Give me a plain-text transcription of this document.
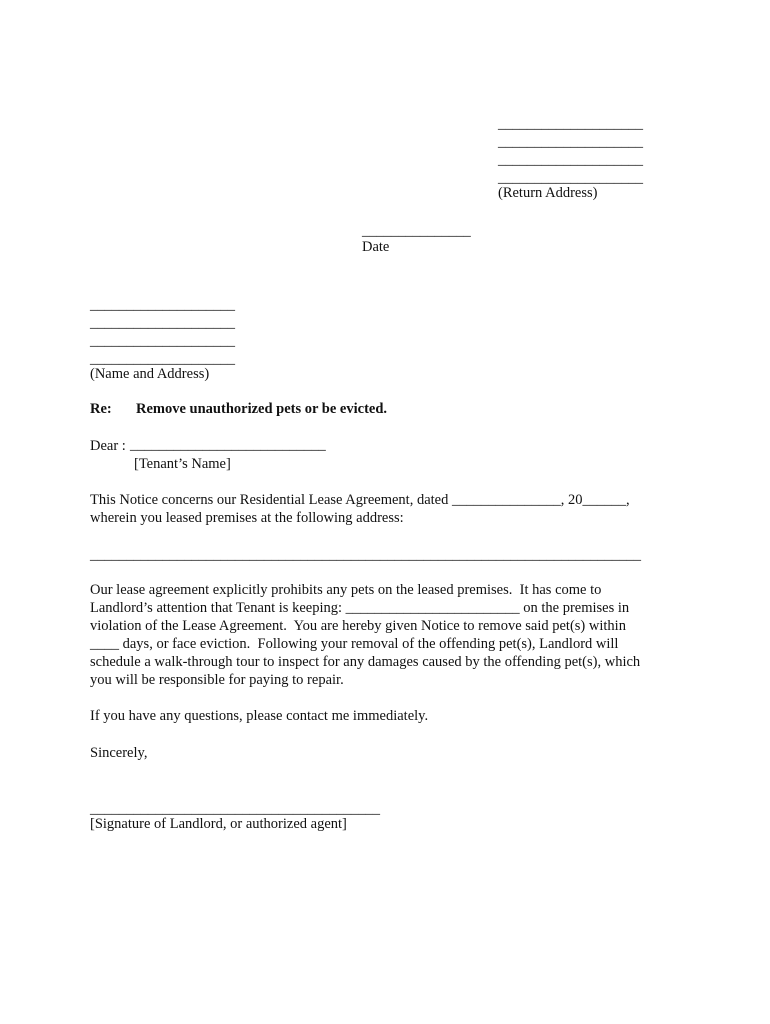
____________________
____________________
____________________
____________________
(Return Address)
_______________
Date
____________________
____________________
____________________
____________________
(Name and Address)
Re: Remove unauthorized pets or be evicted.
Dear : ___________________________
[Tenant’s Name]
This Notice concerns our Residential Lease Agreement, dated _______________, 20______,
wherein you leased premises at the following address:
____________________________________________________________________________
Our lease agreement explicitly prohibits any pets on the leased premises.  It has come to
Landlord’s attention that Tenant is keeping: ________________________ on the premises in
violation of the Lease Agreement.  You are hereby given Notice to remove said pet(s) within
____ days, or face eviction.  Following your removal of the offending pet(s), Landlord will
schedule a walk-through tour to inspect for any damages caused by the offending pet(s), which
you will be responsible for paying to repair.
If you have any questions, please contact me immediately.
Sincerely,
________________________________________
[Signature of Landlord, or authorized agent]
